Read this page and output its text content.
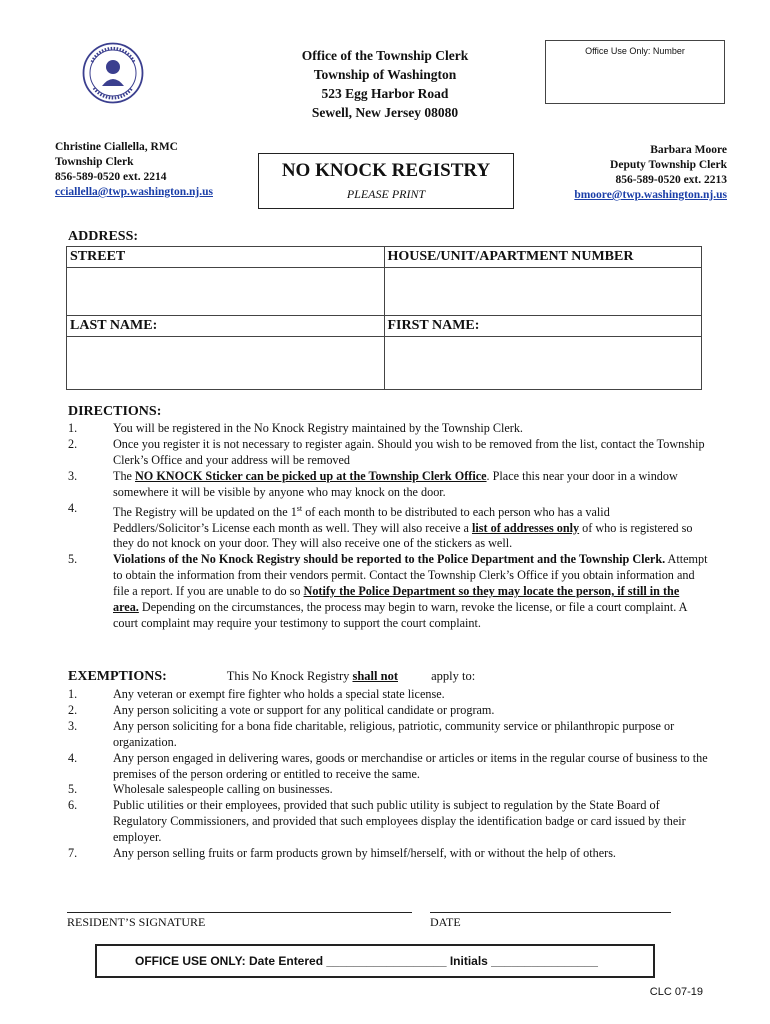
Office of the Township Clerk
Township of Washington
523 Egg Harbor Road
Sewell, New Jersey 08080
Office Use Only: Number
Christine Ciallella, RMC
Township Clerk
856-589-0520 ext. 2214
cciallella@twp.washington.nj.us
Barbara Moore
Deputy Township Clerk
856-589-0520 ext. 2213
bmoore@twp.washington.nj.us
NO KNOCK REGISTRY
PLEASE PRINT
ADDRESS:
STREET	HOUSE/UNIT/APARTMENT NUMBER

LAST NAME:	FIRST NAME:

DIRECTIONS:
1.	You will be registered in the No Knock Registry maintained by the Township Clerk.
2.	Once you register it is not necessary to register again. Should you wish to be removed from the list, contact the Township Clerk’s Office and your address will be removed
3.	The NO KNOCK Sticker can be picked up at the Township Clerk Office. Place this near your door in a window somewhere it will be visible by anyone who may knock on the door.
4.	The Registry will be updated on the 1st of each month to be distributed to each person who has a valid Peddlers/Solicitor’s License each month as well. They will also receive a list of addresses only of who is registered so they do not knock on your door. They will also receive one of the stickers as well.
5.	Violations of the No Knock Registry should be reported to the Police Department and the Township Clerk. Attempt to obtain the information from their vendors permit. Contact the Township Clerk’s Office if you obtain information and file a report. If you are unable to do so Notify the Police Department so they may locate the person, if still in the area. Depending on the circumstances, the process may begin to warn, revoke the license, or file a court complaint. A court complaint may require your testimony to support the court complaint.
EXEMPTIONS:	This No Knock Registry shall not apply to:
1.	Any veteran or exempt fire fighter who holds a special state license.
2.	Any person soliciting a vote or support for any political candidate or program.
3.	Any person soliciting for a bona fide charitable, religious, patriotic, community service or philanthropic purpose or organization.
4.	Any person engaged in delivering wares, goods or merchandise or articles or items in the regular course of business to the premises of the person ordering or entitled to receive the same.
5.	Wholesale salespeople calling on businesses.
6.	Public utilities or their employees, provided that such public utility is subject to regulation by the State Board of Regulatory Commissioners, and provided that such employees display the identification badge or card issued by their employer.
7.	Any person selling fruits or farm products grown by himself/herself, with or without the help of others.
RESIDENT’S SIGNATURE	DATE
OFFICE USE ONLY: Date Entered __________________ Initials ________________
CLC 07-19
